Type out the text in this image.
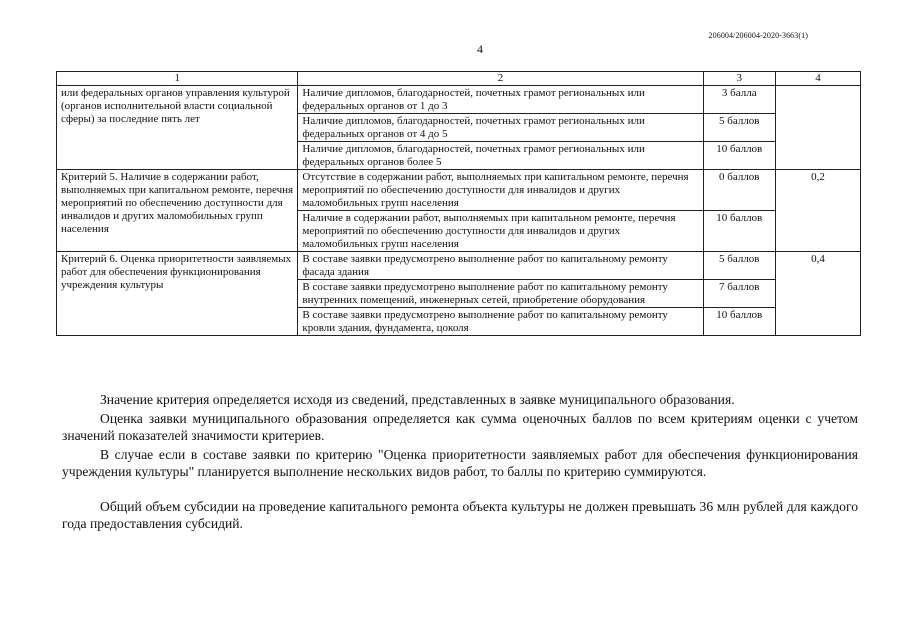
206004/206004-2020-3663(1)
4
1	2	3	4
или федеральных органов управления культурой (органов исполнительной власти социальной сферы) за последние пять лет	Наличие дипломов, благодарностей, почетных грамот региональных или федеральных органов от 1 до 3	3 балла	
	Наличие дипломов, благодарностей, почетных грамот региональных или федеральных органов от 4 до 5	5 баллов	
	Наличие дипломов, благодарностей, почетных грамот региональных или федеральных органов более 5	10 баллов	
Критерий 5. Наличие в содержании работ, выполняемых при капитальном ремонте, перечня мероприятий по обеспечению доступности для инвалидов и других маломобильных групп населения	Отсутствие в содержании работ, выполняемых при капитальном ремонте, перечня мероприятий по обеспечению доступности для инвалидов и других маломобильных групп населения	0 баллов	0,2
	Наличие в содержании работ, выполняемых при капитальном ремонте, перечня мероприятий по обеспечению доступности для инвалидов и других маломобильных групп населения	10 баллов	
Критерий 6. Оценка приоритетности заявляемых работ для обеспечения функционирования учреждения культуры	В составе заявки предусмотрено выполнение работ по капитальному ремонту фасада здания	5 баллов	0,4
	В составе заявки предусмотрено выполнение работ по капитальному ремонту внутренних помещений, инженерных сетей, приобретение оборудования	7 баллов	
	В составе заявки предусмотрено выполнение работ по капитальному ремонту кровли здания, фундамента, цоколя	10 баллов	
Значение критерия определяется исходя из сведений, представленных в заявке муниципального образования.
Оценка заявки муниципального образования определяется как сумма оценочных баллов по всем критериям оценки с учетом значений показателей значимости критериев.
В случае если в составе заявки по критерию "Оценка приоритетности заявляемых работ для обеспечения функционирования учреждения культуры" планируется выполнение нескольких видов работ, то баллы по критерию суммируются.
Общий объем субсидии на проведение капитального ремонта объекта культуры не должен превышать 36 млн рублей для каждого года предоставления субсидий.
